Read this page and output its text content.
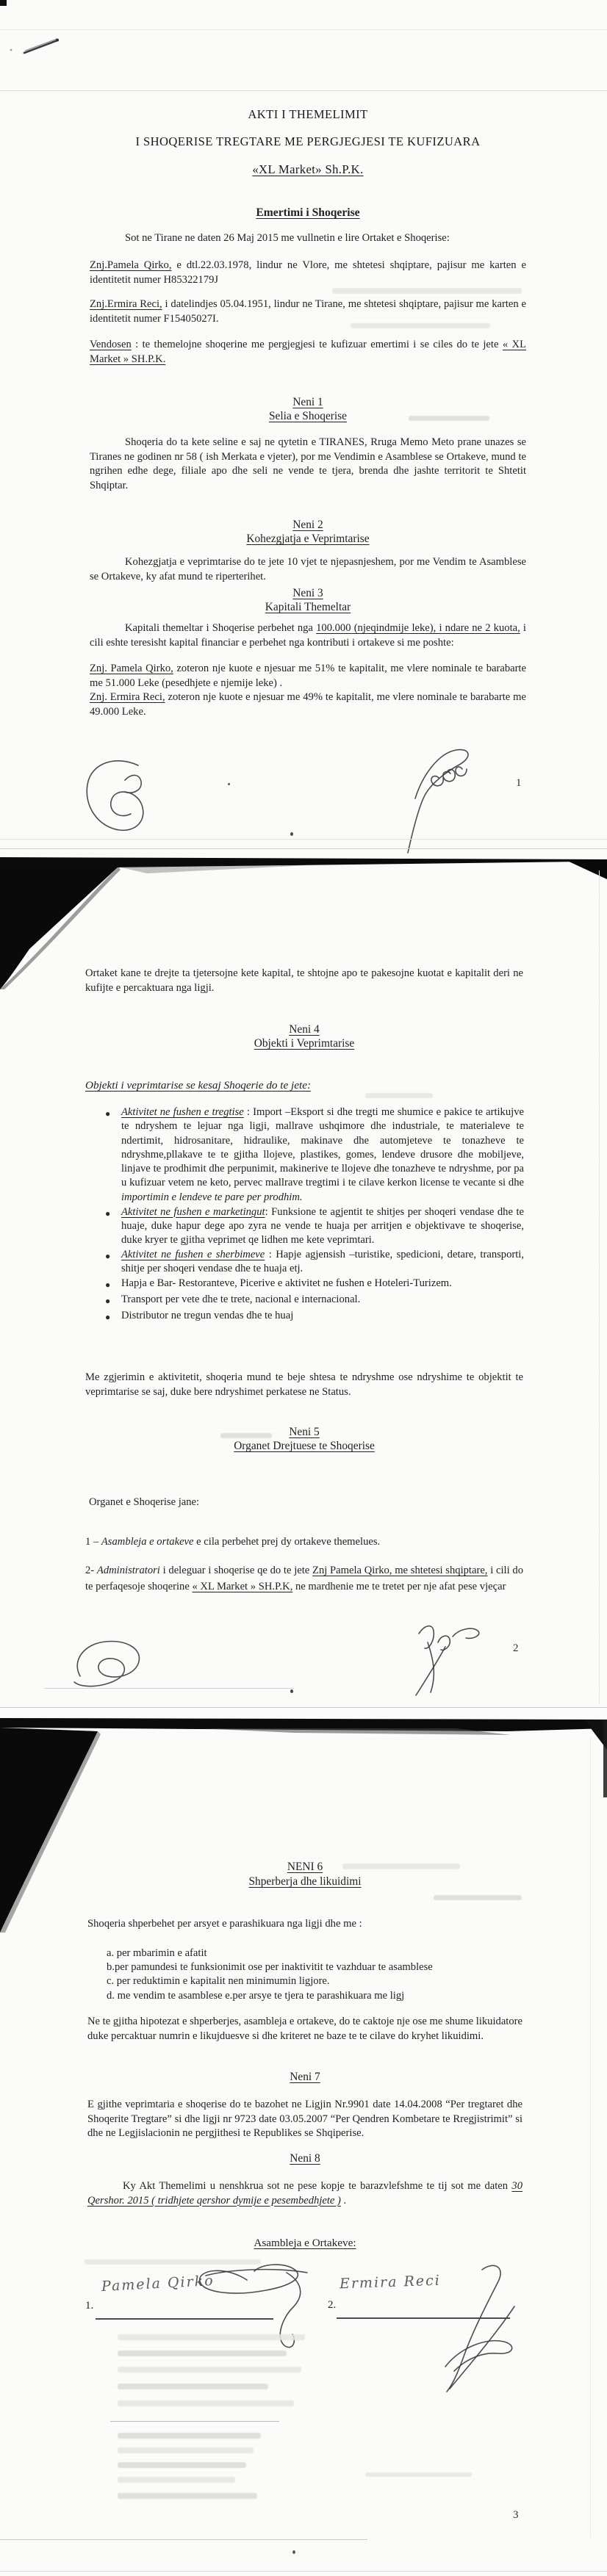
AKTI I THEMELIMIT
I SHOQERISE TREGTARE ME PERGJEGJESI TE KUFIZUARA
«XL Market» Sh.P.K.
Emertimi i Shoqerise
Sot ne Tirane ne daten 26 Maj 2015 me vullnetin e lire Ortaket e Shoqerise:
Znj.Pamela Qirko, e dtl.22.03.1978, lindur ne Vlore, me shtetesi shqiptare, pajisur me karten e identitetit numer H85322179J
Znj.Ermira Reci, i datelindjes 05.04.1951, lindur ne Tirane, me shtetesi shqiptare, pajisur me karten e identitetit numer F15405027I.
Vendosen : te themelojne shoqerine me pergjegjesi te kufizuar emertimi i se ciles do te jete « XL Market » SH.P.K.
Neni 1
Selia e Shoqerise
Shoqeria do ta kete seline e saj ne qytetin e TIRANES, Rruga Memo Meto prane unazes se Tiranes ne godinen nr 58 ( ish Merkata e vjeter), por me Vendimin e Asamblese se Ortakeve, mund te ngrihen edhe dege, filiale apo dhe seli ne vende te tjera, brenda dhe jashte territorit te Shtetit Shqiptar.
Neni 2
Kohezgjatja e Veprimtarise
Kohezgjatja e veprimtarise do te jete 10 vjet te njepasnjeshem, por me Vendim te Asamblese se Ortakeve, ky afat mund te riperterihet.
Neni 3
Kapitali Themeltar
Kapitali themeltar i Shoqerise perbehet nga 100.000 (njeqindmije leke), i ndare ne 2 kuota, i cili eshte teresisht kapital financiar e perbehet nga kontributi i ortakeve si me poshte:
Znj. Pamela Qirko, zoteron nje kuote e njesuar me 51% te kapitalit, me vlere nominale te barabarte me 51.000 Leke (pesedhjete e njemije leke) .
Znj. Ermira Reci, zoteron nje kuote e njesuar me 49% te kapitalit, me vlere nominale te barabarte me 49.000 Leke.
1
Ortaket kane te drejte ta tjetersojne kete kapital, te shtojne apo te pakesojne kuotat e kapitalit deri ne kufijte e percaktuara nga ligji.
Neni 4
Objekti i Veprimtarise
Objekti i veprimtarise se kesaj Shoqerie do te jete:
●	Aktivitet ne fushen e tregtise : Import –Eksport si dhe tregti me shumice e pakice te artikujve te ndryshem te lejuar nga ligji, mallrave ushqimore dhe industriale, te materialeve te ndertimit, hidrosanitare, hidraulike, makinave dhe automjeteve te tonazheve te ndryshme,pllakave te te gjitha llojeve, plastikes, gomes, lendeve drusore dhe mobiljeve, linjave te prodhimit dhe perpunimit, makinerive te llojeve dhe tonazheve te ndryshme, por pa u kufizuar vetem ne keto, pervec mallrave tregtimi i te cilave kerkon license te vecante si dhe importimin e lendeve te pare per prodhim.
●	Aktivitet ne fushen e marketingut: Funksione te agjentit te shitjes per shoqeri vendase dhe te huaje, duke hapur dege apo zyra ne vende te huaja per arritjen e objektivave te shoqerise, duke kryer te gjitha veprimet qe lidhen me kete veprimtari.
●	Aktivitet ne fushen e sherbimeve : Hapje agjensish –turistike, spedicioni, detare, transporti, shitje per shoqeri vendase dhe te huaja etj.
●	Hapja e Bar- Restoranteve, Picerive e aktivitet ne fushen e Hoteleri-Turizem.
●	Transport per vete dhe te trete, nacional e internacional.
●	Distributor ne tregun vendas dhe te huaj
Me zgjerimin e aktivitetit, shoqeria mund te beje shtesa te ndryshme ose ndryshime te objektit te veprimtarise se saj, duke bere ndryshimet perkatese ne Status.
Neni 5
Organet Drejtuese te Shoqerise
Organet e Shoqerise jane:
1 – Asambleja e ortakeve e cila perbehet prej dy ortakeve themelues.
2- Administratori i deleguar i shoqerise qe do te jete Znj Pamela Qirko, me shtetesi shqiptare, i cili do te perfaqesoje shoqerine « XL Market » SH.P.K, ne mardhenie me te tretet per nje afat pese vjeçar
2
NENI 6
Shperberja dhe likuidimi
Shoqeria shperbehet per arsyet e parashikuara nga ligji dhe me :
a. per mbarimin e afatit
b.per pamundesi te funksionimit ose per inaktivitit te vazhduar te asamblese
c. per reduktimin e kapitalit nen minimumin ligjore.
d. me vendim te asamblese e.per arsye te tjera te parashikuara me ligj
Ne te gjitha hipotezat e shperberjes, asambleja e ortakeve, do te caktoje nje ose me shume likuidatore duke percaktuar numrin e likujduesve si dhe kriteret ne baze te te cilave do kryhet likuidimi.
Neni 7
E gjithe veprimtaria e shoqerise do te bazohet ne Ligjin Nr.9901 date 14.04.2008 “Per tregtaret dhe Shoqerite Tregtare” si dhe ligji nr 9723 date 03.05.2007 “Per Qendren Kombetare te Rregjistrimit” si dhe ne Legjislacionin ne pergjithesi te Republikes se Shqiperise.
Neni 8
Ky Akt Themelimi u nenshkrua sot ne pese kopje te barazvlefshme te tij sot me daten 30 Qershor. 2015 ( tridhjete qershor dymije e pesembedhjete ) .
Asambleja e Ortakeve:
1.
Pamela Qirko
2.
Ermira Reci
3
